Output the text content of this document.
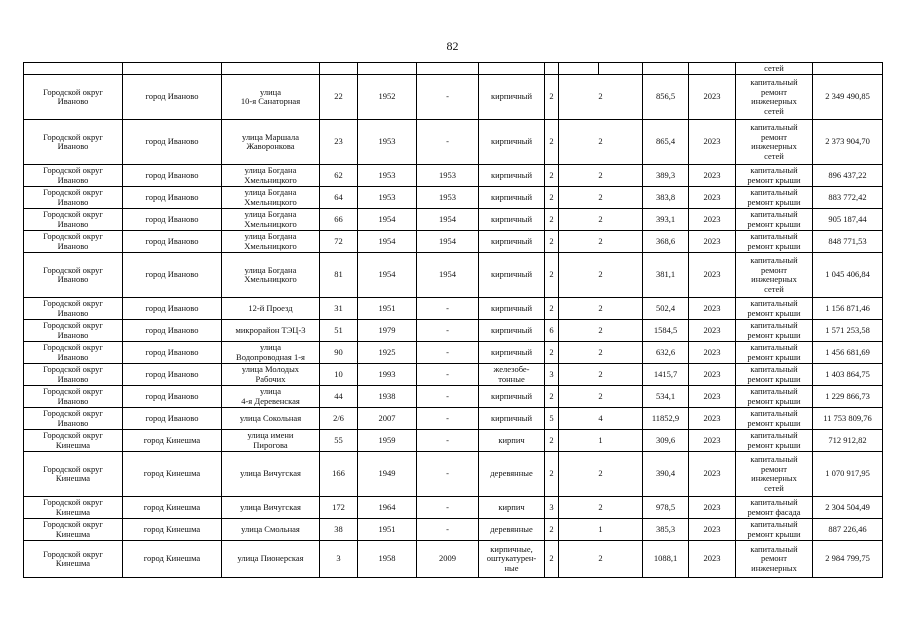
82
												сетей	
Городской округ
Иваново	город Иваново	улица
10-я Санаторная	22	1952	-	кирпичный	2	2		856,5	2023	капитальный
ремонт
инженерных
сетей	2 349 490,85
Городской округ
Иваново	город Иваново	улица Маршала
Жаворонкова	23	1953	-	кирпичный	2	2		865,4	2023	капитальный
ремонт
инженерных
сетей	2 373 904,70
Городской округ
Иваново	город Иваново	улица Богдана
Хмельницкого	62	1953	1953	кирпичный	2	2		389,3	2023	капитальный
ремонт крыши	896 437,22
Городской округ
Иваново	город Иваново	улица Богдана
Хмельницкого	64	1953	1953	кирпичный	2	2		383,8	2023	капитальный
ремонт крыши	883 772,42
Городской округ
Иваново	город Иваново	улица Богдана
Хмельницкого	66	1954	1954	кирпичный	2	2		393,1	2023	капитальный
ремонт крыши	905 187,44
Городской округ
Иваново	город Иваново	улица Богдана
Хмельницкого	72	1954	1954	кирпичный	2	2		368,6	2023	капитальный
ремонт крыши	848 771,53
Городской округ
Иваново	город Иваново	улица Богдана
Хмельницкого	81	1954	1954	кирпичный	2	2		381,1	2023	капитальный
ремонт
инженерных
сетей	1 045 406,84
Городской округ
Иваново	город Иваново	12-й Проезд	31	1951	-	кирпичный	2	2		502,4	2023	капитальный
ремонт крыши	1 156 871,46
Городской округ
Иваново	город Иваново	микрорайон ТЭЦ-3	51	1979	-	кирпичный	6	2		1584,5	2023	капитальный
ремонт крыши	1 571 253,58
Городской округ
Иваново	город Иваново	улица
Водопроводная 1-я	90	1925	-	кирпичный	2	2		632,6	2023	капитальный
ремонт крыши	1 456 681,69
Городской округ
Иваново	город Иваново	улица Молодых
Рабочих	10	1993	-	железобе-
тонные	3	2		1415,7	2023	капитальный
ремонт крыши	1 403 864,75
Городской округ
Иваново	город Иваново	улица
4-я Деревенская	44	1938	-	кирпичный	2	2		534,1	2023	капитальный
ремонт крыши	1 229 866,73
Городской округ
Иваново	город Иваново	улица Сокольная	2/6	2007	-	кирпичный	5	4		11852,9	2023	капитальный
ремонт крыши	11 753 809,76
Городской округ
Кинешма	город Кинешма	улица имени
Пирогова	55	1959	-	кирпич	2	1		309,6	2023	капитальный
ремонт крыши	712 912,82
Городской округ
Кинешма	город Кинешма	улица Вичугская	166	1949	-	деревянные	2	2		390,4	2023	капитальный
ремонт
инженерных
сетей	1 070 917,95
Городской округ
Кинешма	город Кинешма	улица Вичугская	172	1964	-	кирпич	3	2		978,5	2023	капитальный
ремонт фасада	2 304 504,49
Городской округ
Кинешма	город Кинешма	улица Смольная	38	1951	-	деревянные	2	1		385,3	2023	капитальный
ремонт крыши	887 226,46
Городской округ
Кинешма	город Кинешма	улица Пионерская	3	1958	2009	кирпичные,
оштукатурен-
ные	2	2		1088,1	2023	капитальный
ремонт
инженерных	2 984 799,75
